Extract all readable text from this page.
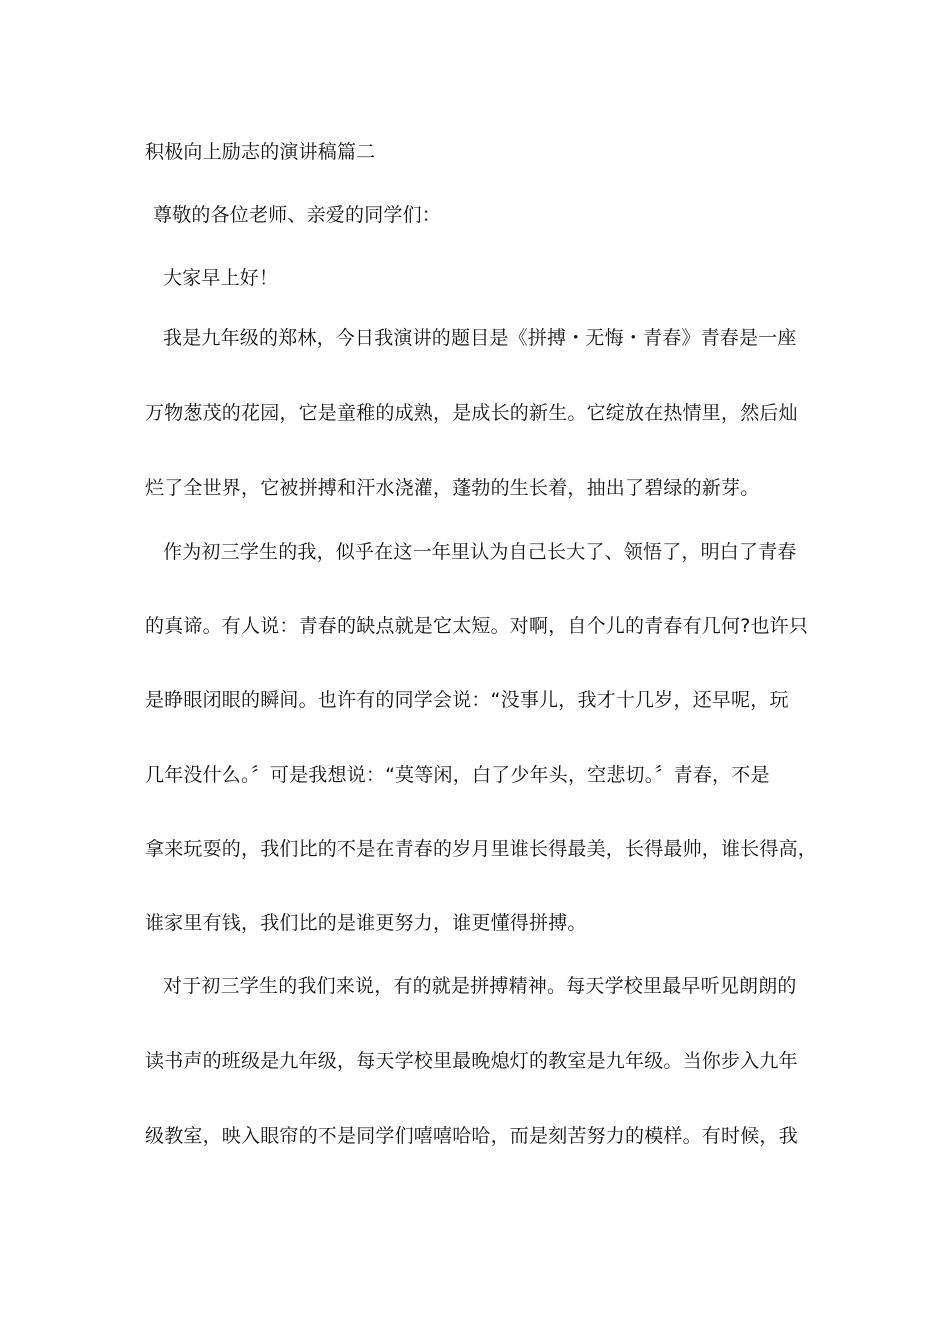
积极向上励志的演讲稿篇二
尊敬的各位老师、亲爱的同学们：
大家早上好！
我是九年级的郑林，今日我演讲的题目是《拼搏・无悔・青春》青春是一座
万物葱茂的花园，它是童稚的成熟，是成长的新生。它绽放在热情里，然后灿
烂了全世界，它被拼搏和汗水浇灌，蓬勃的生长着，抽出了碧绿的新芽。
作为初三学生的我，似乎在这一年里认为自己长大了、领悟了，明白了青春
的真谛。有人说：青春的缺点就是它太短。对啊，自个儿的青春有几何?也许只
是睁眼闭眼的瞬间。也许有的同学会说：“没事儿，我才十几岁，还早呢，玩
几年没什么。〞可是我想说：“莫等闲，白了少年头，空悲切。〞青春，不是
拿来玩耍的，我们比的不是在青春的岁月里谁长得最美，长得最帅，谁长得高，
谁家里有钱，我们比的是谁更努力，谁更懂得拼搏。
对于初三学生的我们来说，有的就是拼搏精神。每天学校里最早听见朗朗的
读书声的班级是九年级，每天学校里最晚熄灯的教室是九年级。当你步入九年
级教室，映入眼帘的不是同学们嘻嘻哈哈，而是刻苦努力的模样。有时候，我
